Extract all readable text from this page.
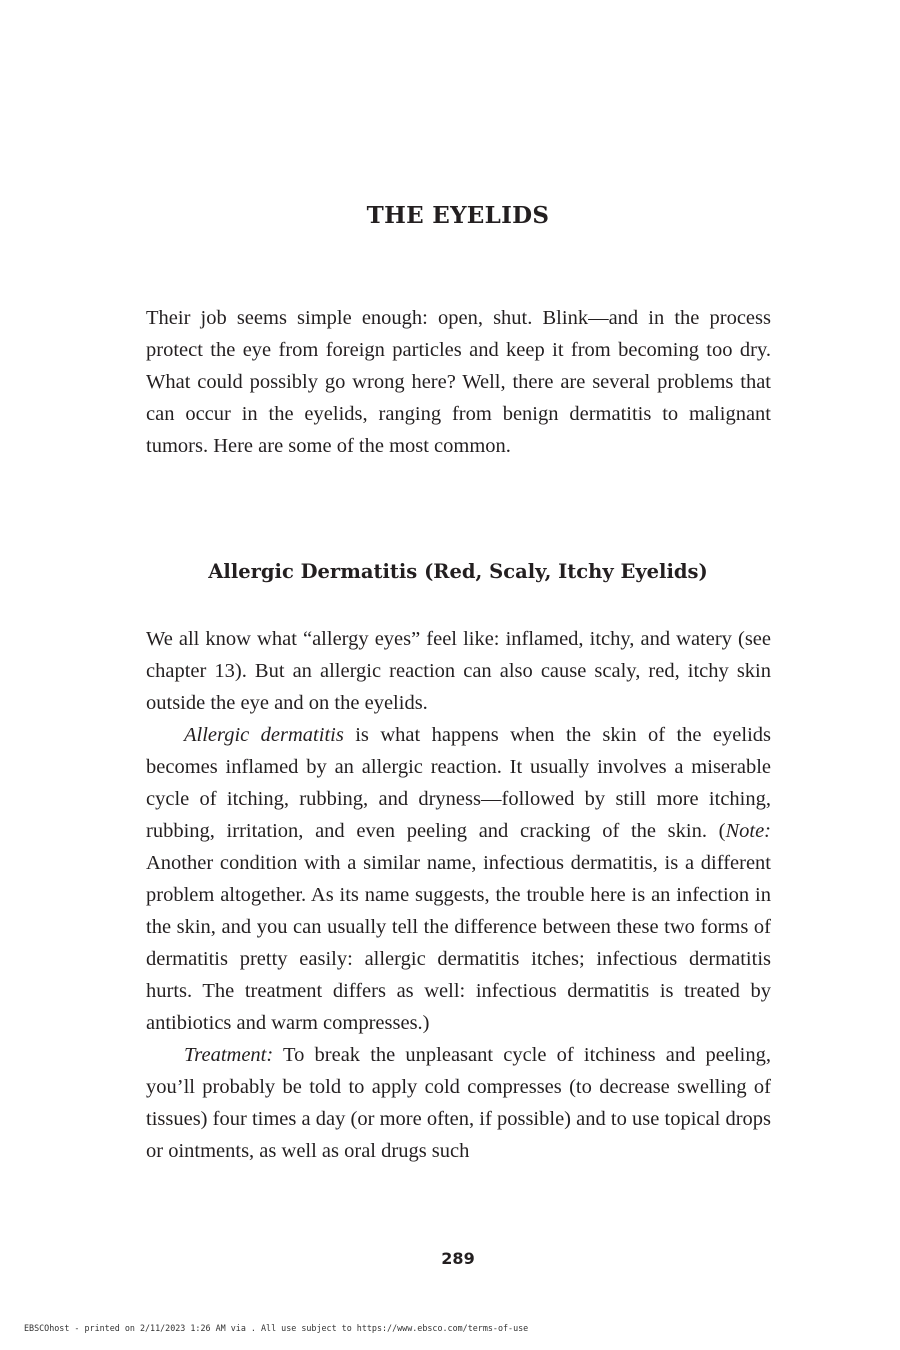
THE EYELIDS

Their job seems simple enough: open, shut. Blink—and in the process protect the eye from foreign particles and keep it from becoming too dry. What could possibly go wrong here? Well, there are several problems that can occur in the eyelids, ranging from benign dermatitis to malignant tumors. Here are some of the most common.

Allergic Dermatitis (Red, Scaly, Itchy Eyelids)

We all know what “allergy eyes” feel like: inflamed, itchy, and watery (see chapter 13). But an allergic reaction can also cause scaly, red, itchy skin outside the eye and on the eyelids.

Allergic dermatitis is what happens when the skin of the eyelids becomes inflamed by an allergic reaction. It usually involves a miserable cycle of itching, rubbing, and dryness—followed by still more itching, rubbing, irritation, and even peeling and cracking of the skin. (Note: Another condition with a similar name, infectious dermatitis, is a different problem altogether. As its name suggests, the trouble here is an infection in the skin, and you can usually tell the difference between these two forms of dermatitis pretty easily: allergic dermatitis itches; infectious dermatitis hurts. The treatment differs as well: infectious dermatitis is treated by antibiotics and warm compresses.)

Treatment: To break the unpleasant cycle of itchiness and peeling, you’ll probably be told to apply cold compresses (to decrease swelling of tissues) four times a day (or more often, if possible) and to use topical drops or ointments, as well as oral drugs such

289
EBSCOhost - printed on 2/11/2023 1:26 AM via . All use subject to https://www.ebsco.com/terms-of-use
